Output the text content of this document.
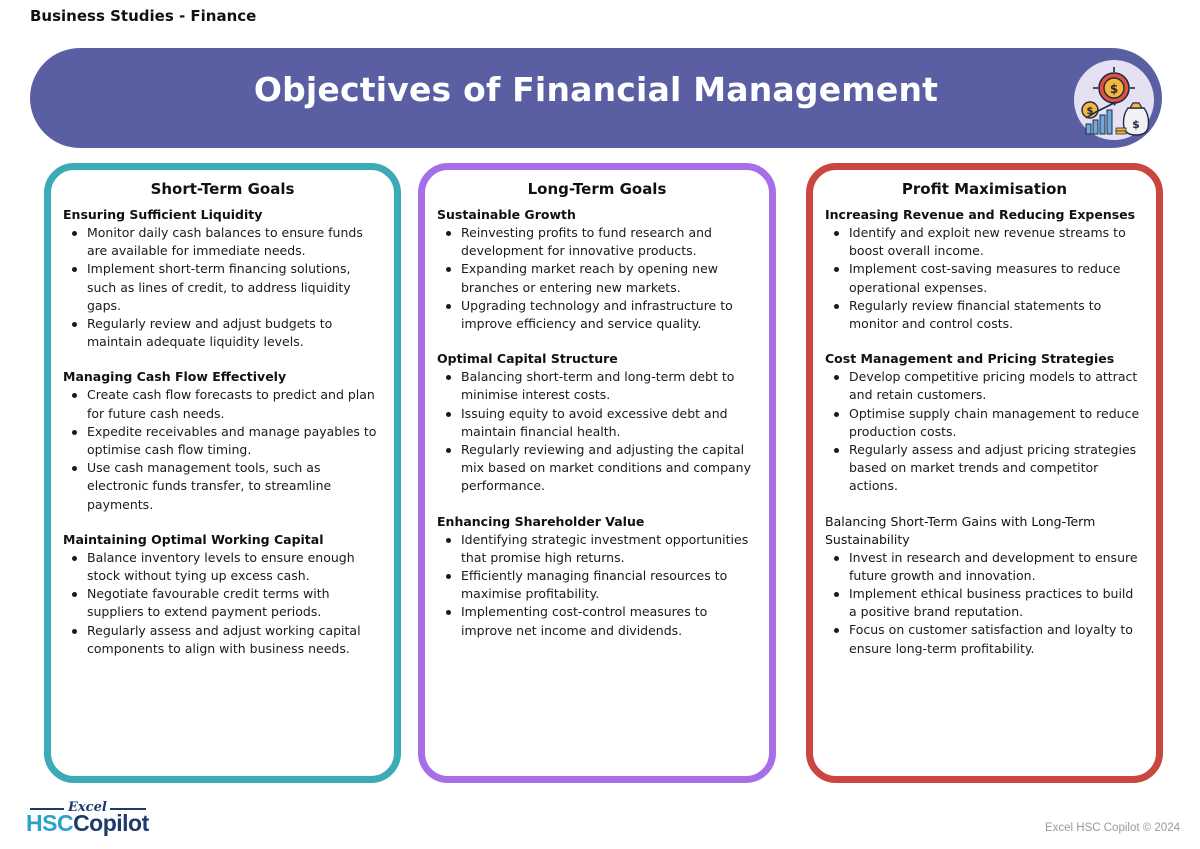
Business Studies - Finance
Objectives of Financial Management	$
$
$
Short-Term Goals
Ensuring Sufficient Liquidity
Monitor daily cash balances to ensure funds are available for immediate needs.
Implement short-term financing solutions, such as lines of credit, to address liquidity gaps.
Regularly review and adjust budgets to maintain adequate liquidity levels.
Managing Cash Flow Effectively
Create cash flow forecasts to predict and plan for future cash needs.
Expedite receivables and manage payables to optimise cash flow timing.
Use cash management tools, such as electronic funds transfer, to streamline payments.
Maintaining Optimal Working Capital
Balance inventory levels to ensure enough stock without tying up excess cash.
Negotiate favourable credit terms with suppliers to extend payment periods.
Regularly assess and adjust working capital components to align with business needs.
Long-Term Goals
Sustainable Growth
Reinvesting profits to fund research and development for innovative products.
Expanding market reach by opening new branches or entering new markets.
Upgrading technology and infrastructure to improve efficiency and service quality.
Optimal Capital Structure
Balancing short-term and long-term debt to minimise interest costs.
Issuing equity to avoid excessive debt and maintain financial health.
Regularly reviewing and adjusting the capital mix based on market conditions and company performance.
Enhancing Shareholder Value
Identifying strategic investment opportunities that promise high returns.
Efficiently managing financial resources to maximise profitability.
Implementing cost-control measures to improve net income and dividends.
Profit Maximisation
Increasing Revenue and Reducing Expenses
Identify and exploit new revenue streams to boost overall income.
Implement cost-saving measures to reduce operational expenses.
Regularly review financial statements to monitor and control costs.
Cost Management and Pricing Strategies
Develop competitive pricing models to attract and retain customers.
Optimise supply chain management to reduce production costs.
Regularly assess and adjust pricing strategies based on market trends and competitor actions.
Balancing Short-Term Gains with Long-Term Sustainability
Invest in research and development to ensure future growth and innovation.
Implement ethical business practices to build a positive brand reputation.
Focus on customer satisfaction and loyalty to ensure long-term profitability.
Excel
HSCCopilot	Excel HSC Copilot © 2024
